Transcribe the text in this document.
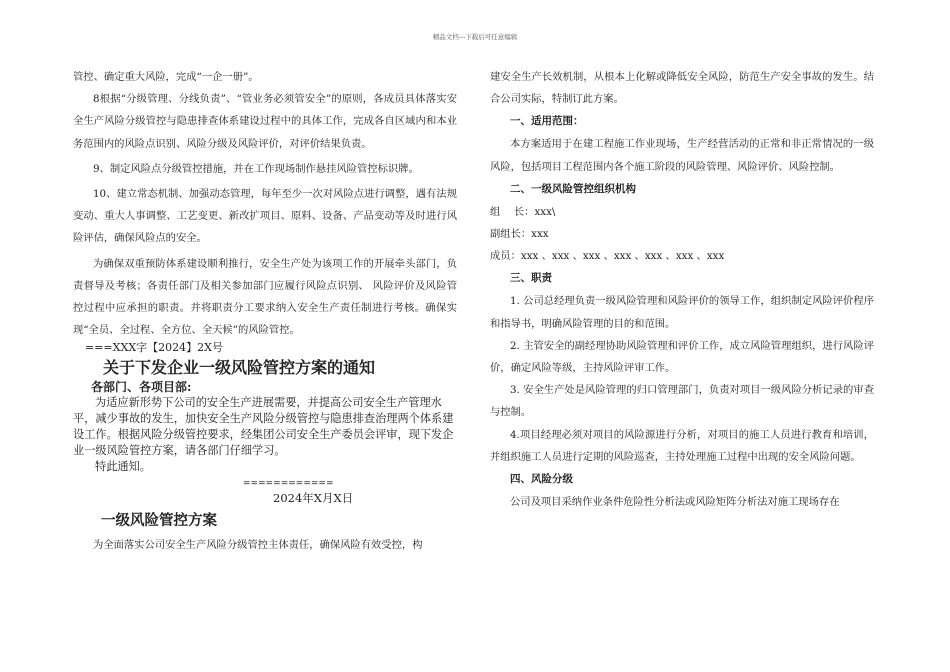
精品文档---下载后可任意编辑

管控、确定重大风险，完成“一企一册”。

8根据“分级管理、分线负责”、“管业务必须管安全”的原则，各成员具体落实安全生产风险分级管控与隐患排查体系建设过程中的具体工作，完成各自区域内和本业务范围内的风险点识别、风险分级及风险评价，对评价结果负责。

9、制定风险点分级管控措施，并在工作现场制作悬挂风险管控标识牌。

10、建立常态机制、加强动态管理，每年至少一次对风险点进行调整，遇有法规变动、重大人事调整、工艺变更、新改扩项目、原料、设备、产品变动等及时进行风险评估，确保风险点的安全。

为确保双重预防体系建设顺利推行，安全生产处为该项工作的开展牵头部门，负责督导及考核；各责任部门及相关参加部门应履行风险点识别、 风险评价及风险管控过程中应承担的职责。并将职责分工要求纳入安全生产责任制进行考核。确保实现“全员、全过程、全方位、全天候”的风险管控。

===XXX字【2024】2X号

关于下发企业一级风险管控方案的通知

各部门、各项目部:

为适应新形势下公司的安全生产进展需要，并提高公司安全生产管理水平，减少事故的发生，加快安全生产风险分级管控与隐患排查治理两个体系建设工作。根据风险分级管控要求，经集团公司安全生产委员会评审，现下发企业一级风险管控方案，请各部门仔细学习。

特此通知。

============

2024年X月X日

一级风险管控方案

为全面落实公司安全生产风险分级管控主体责任，确保风险有效受控，构

建安全生产长效机制，从根本上化解或降低安全风险，防范生产安全事故的发生。结合公司实际，特制订此方案。

一、适用范围：

本方案适用于在建工程施工作业现场，生产经营活动的正常和非正常情况的一级风险，包括项目工程范围内各个施工阶段的风险管理、风险评价、风险控制。

二、一级风险管控组织机构

组　 长：xxx\

副组长：xxx

成员：xxx 、xxx 、xxx 、xxx 、xxx 、xxx 、xxx

三、职责

1. 公司总经理负责一级风险管理和风险评价的领导工作，组织制定风险评价程序和指导书，明确风险管理的目的和范围。

2. 主管安全的副经理协助风险管理和评价工作，成立风险管理组织，进行风险评价，确定风险等级，主持风险评审工作。

3. 安全生产处是风险管理的归口管理部门，负责对项目一级风险分析记录的审查与控制。

4.项目经理必须对项目的风险源进行分析，对项目的施工人员进行教育和培训，并组织施工人员进行定期的风险巡查，主持处理施工过程中出现的安全风险问题。

四、风险分级

公司及项目采纳作业条件危险性分析法或风险矩阵分析法对施工现场存在
